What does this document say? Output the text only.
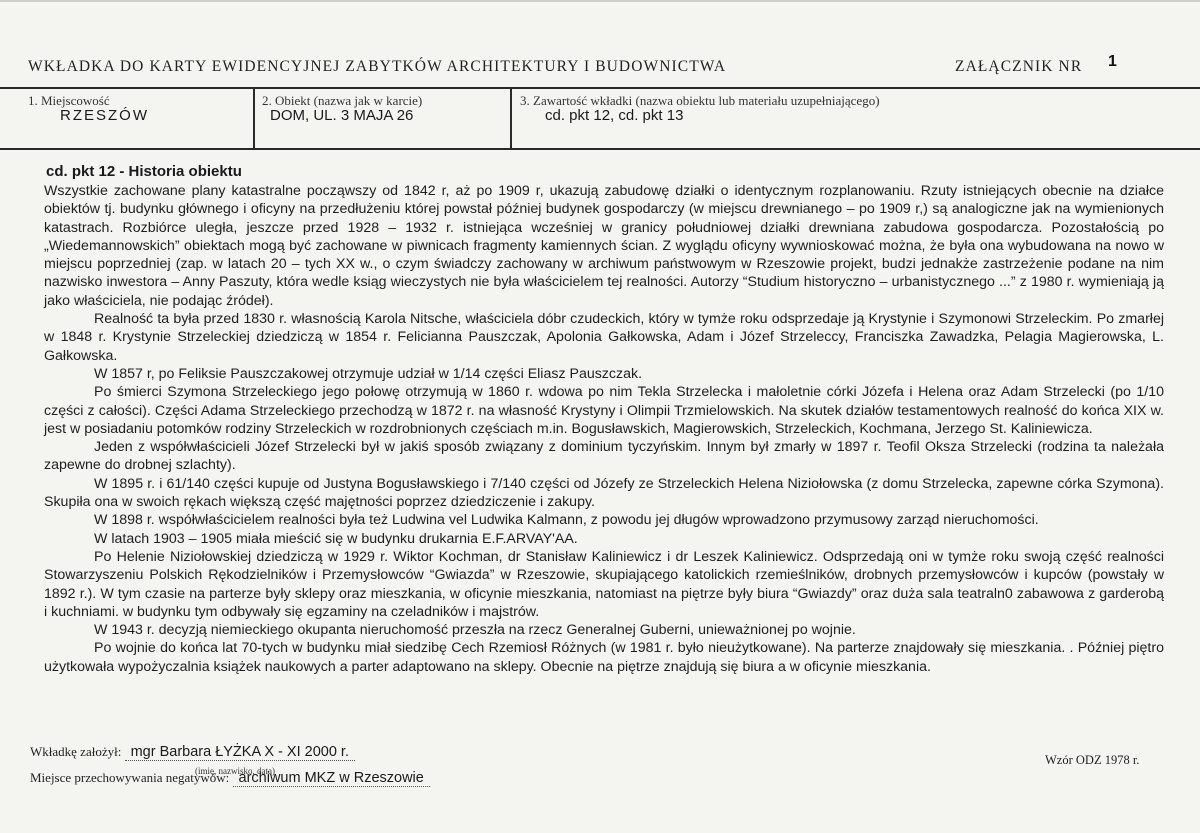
WKŁADKA DO KARTY EWIDENCYJNEJ ZABYTKÓW ARCHITEKTURY I BUDOWNICTWA	ZAŁĄCZNIK NR 1
1. Miejscowość
RZESZÓW
2. Obiekt (nazwa jak w karcie)
DOM, UL. 3 MAJA 26
3. Zawartość wkładki (nazwa obiektu lub materiału uzupełniającego)
cd. pkt 12, cd. pkt 13
cd. pkt 12 - Historia obiektu

Wszystkie zachowane plany katastralne począwszy od 1842 r, aż po 1909 r, ukazują zabudowę działki o identycznym rozplanowaniu. Rzuty istniejących obecnie na działce obiektów tj. budynku głównego i oficyny na przedłużeniu której powstał później budynek gospodarczy (w miejscu drewnianego – po 1909 r,) są analogiczne jak na wymienionych katastrach. Rozbiórce uległa, jeszcze przed 1928 – 1932 r. istniejąca wcześniej w granicy południowej działki drewniana zabudowa gospodarcza. Pozostałością po „Wiedemannowskich” obiektach mogą być zachowane w piwnicach fragmenty kamiennych ścian. Z wyglądu oficyny wywnioskować można, że była ona wybudowana na nowo w miejscu poprzedniej (zap. w latach 20 – tych XX w., o czym świadczy zachowany w archiwum państwowym w Rzeszowie projekt, budzi jednakże zastrzeżenie podane na nim nazwisko inwestora – Anny Paszuty, która wedle ksiąg wieczystych nie była właścicielem tej realności. Autorzy “Studium historyczno – urbanistycznego ...” z 1980 r. wymieniają ją jako właściciela, nie podając źródeł).

Realność ta była przed 1830 r. własnością Karola Nitsche, właściciela dóbr czudeckich, który w tymże roku odsprzedaje ją Krystynie i Szymonowi Strzeleckim. Po zmarłej w 1848 r. Krystynie Strzeleckiej dziedziczą w 1854 r. Felicianna Pauszczak, Apolonia Gałkowska, Adam i Józef Strzeleccy, Franciszka Zawadzka, Pelagia Magierowska, L. Gałkowska.

W 1857 r, po Feliksie Pauszczakowej otrzymuje udział w 1/14 części Eliasz Pauszczak.

Po śmierci Szymona Strzeleckiego jego połowę otrzymują w 1860 r. wdowa po nim Tekla Strzelecka i małoletnie córki Józefa i Helena oraz Adam Strzelecki (po 1/10 części z całości). Części Adama Strzeleckiego przechodzą w 1872 r. na własność Krystyny i Olimpii Trzmielowskich. Na skutek działów testamentowych realność do końca XIX w. jest w posiadaniu potomków rodziny Strzeleckich w rozdrobnionych częściach m.in. Bogusławskich, Magierowskich, Strzeleckich, Kochmana, Jerzego St. Kaliniewicza.

Jeden z współwłaścicieli Józef Strzelecki był w jakiś sposób związany z dominium tyczyńskim. Innym był zmarły w 1897 r. Teofil Oksza Strzelecki (rodzina ta należała zapewne do drobnej szlachty).

W 1895 r. i 61/140 części kupuje od Justyna Bogusławskiego i 7/140 części od Józefy ze Strzeleckich Helena Niziołowska (z domu Strzelecka, zapewne córka Szymona). Skupiła ona w swoich rękach większą część majętności poprzez dziedziczenie i zakupy.

W 1898 r. współwłaścicielem realności była też Ludwina vel Ludwika Kalmann, z powodu jej długów wprowadzono przymusowy zarząd nieruchomości.

W latach 1903 – 1905 miała mieścić się w budynku drukarnia E.F.ARVAY'AA.

Po Helenie Niziołowskiej dziedziczą w 1929 r. Wiktor Kochman, dr Stanisław Kaliniewicz i dr Leszek Kaliniewicz. Odsprzedają oni w tymże roku swoją część realności Stowarzyszeniu Polskich Rękodzielników i Przemysłowców “Gwiazda” w Rzeszowie, skupiającego katolickich rzemieślników, drobnych przemysłowców i kupców (powstały w 1892 r.). W tym czasie na parterze były sklepy oraz mieszkania, w oficynie mieszkania, natomiast na piętrze były biura “Gwiazdy” oraz duża sala teatraln0 zabawowa z garderobą i kuchniami. w budynku tym odbywały się egzaminy na czeladników i majstrów.

W 1943 r. decyzją niemieckiego okupanta nieruchomość przeszła na rzecz Generalnej Guberni, unieważnionej po wojnie.

Po wojnie do końca lat 70-tych w budynku miał siedzibę Cech Rzemiosł Różnych (w 1981 r. było nieużytkowane). Na parterze znajdowały się mieszkania. . Później piętro użytkowała wypożyczalnia książek naukowych a parter adaptowano na sklepy. Obecnie na piętrze znajdują się biura a w oficynie mieszkania.

Wkładkę założył: mgr Barbara ŁYŻKA X - XI 2000 r.
Miejsce przechowywania negatywów: archiwum MKZ w Rzeszowie
(imię, nazwisko, data)
Wzór ODZ 1978 r.
